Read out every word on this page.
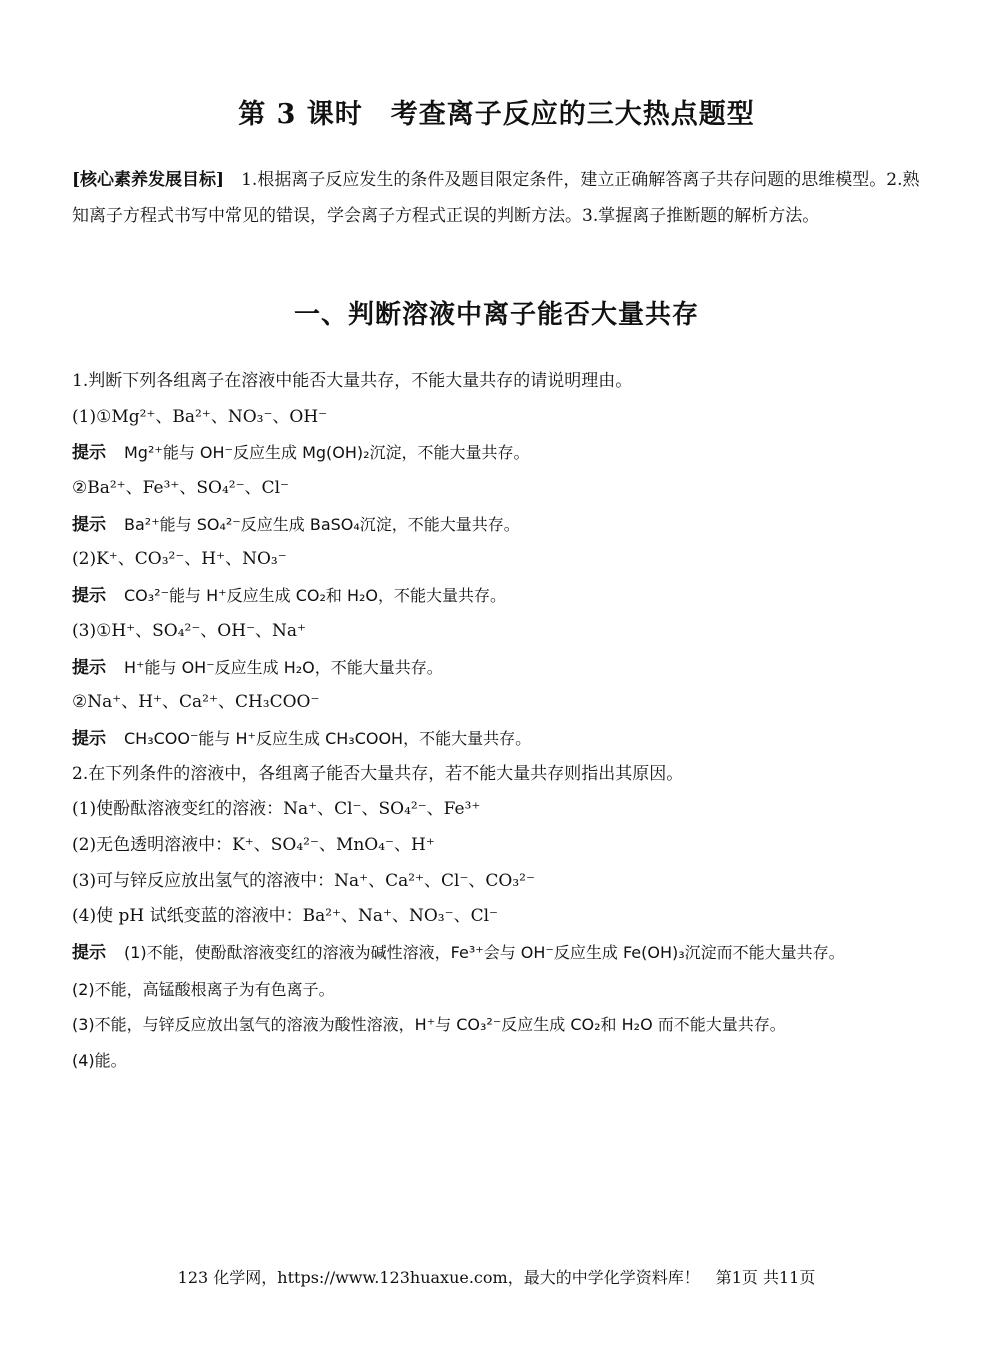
第 3 课时　考查离子反应的三大热点题型
[核心素养发展目标]　1.根据离子反应发生的条件及题目限定条件，建立正确解答离子共存问题的思维模型。2.熟知离子方程式书写中常见的错误，学会离子方程式正误的判断方法。3.掌握离子推断题的解析方法。
一、判断溶液中离子能否大量共存
1.判断下列各组离子在溶液中能否大量共存，不能大量共存的请说明理由。
(1)①Mg²⁺、Ba²⁺、NO₃⁻、OH⁻
提示 Mg²⁺能与 OH⁻反应生成 Mg(OH)₂沉淀，不能大量共存。
②Ba²⁺、Fe³⁺、SO₄²⁻、Cl⁻
提示 Ba²⁺能与 SO₄²⁻反应生成 BaSO₄沉淀，不能大量共存。
(2)K⁺、CO₃²⁻、H⁺、NO₃⁻
提示 CO₃²⁻能与 H⁺反应生成 CO₂和 H₂O，不能大量共存。
(3)①H⁺、SO₄²⁻、OH⁻、Na⁺
提示 H⁺能与 OH⁻反应生成 H₂O，不能大量共存。
②Na⁺、H⁺、Ca²⁺、CH₃COO⁻
提示 CH₃COO⁻能与 H⁺反应生成 CH₃COOH，不能大量共存。
2.在下列条件的溶液中，各组离子能否大量共存，若不能大量共存则指出其原因。
(1)使酚酞溶液变红的溶液：Na⁺、Cl⁻、SO₄²⁻、Fe³⁺
(2)无色透明溶液中：K⁺、SO₄²⁻、MnO₄⁻、H⁺
(3)可与锌反应放出氢气的溶液中：Na⁺、Ca²⁺、Cl⁻、CO₃²⁻
(4)使 pH 试纸变蓝的溶液中：Ba²⁺、Na⁺、NO₃⁻、Cl⁻
提示 (1)不能，使酚酞溶液变红的溶液为碱性溶液，Fe³⁺会与 OH⁻反应生成 Fe(OH)₃沉淀而不能大量共存。
(2)不能，高锰酸根离子为有色离子。
(3)不能，与锌反应放出氢气的溶液为酸性溶液，H⁺与 CO₃²⁻反应生成 CO₂和 H₂O 而不能大量共存。
(4)能。
123 化学网，https://www.123huaxue.com，最大的中学化学资料库！　第1页 共11页
